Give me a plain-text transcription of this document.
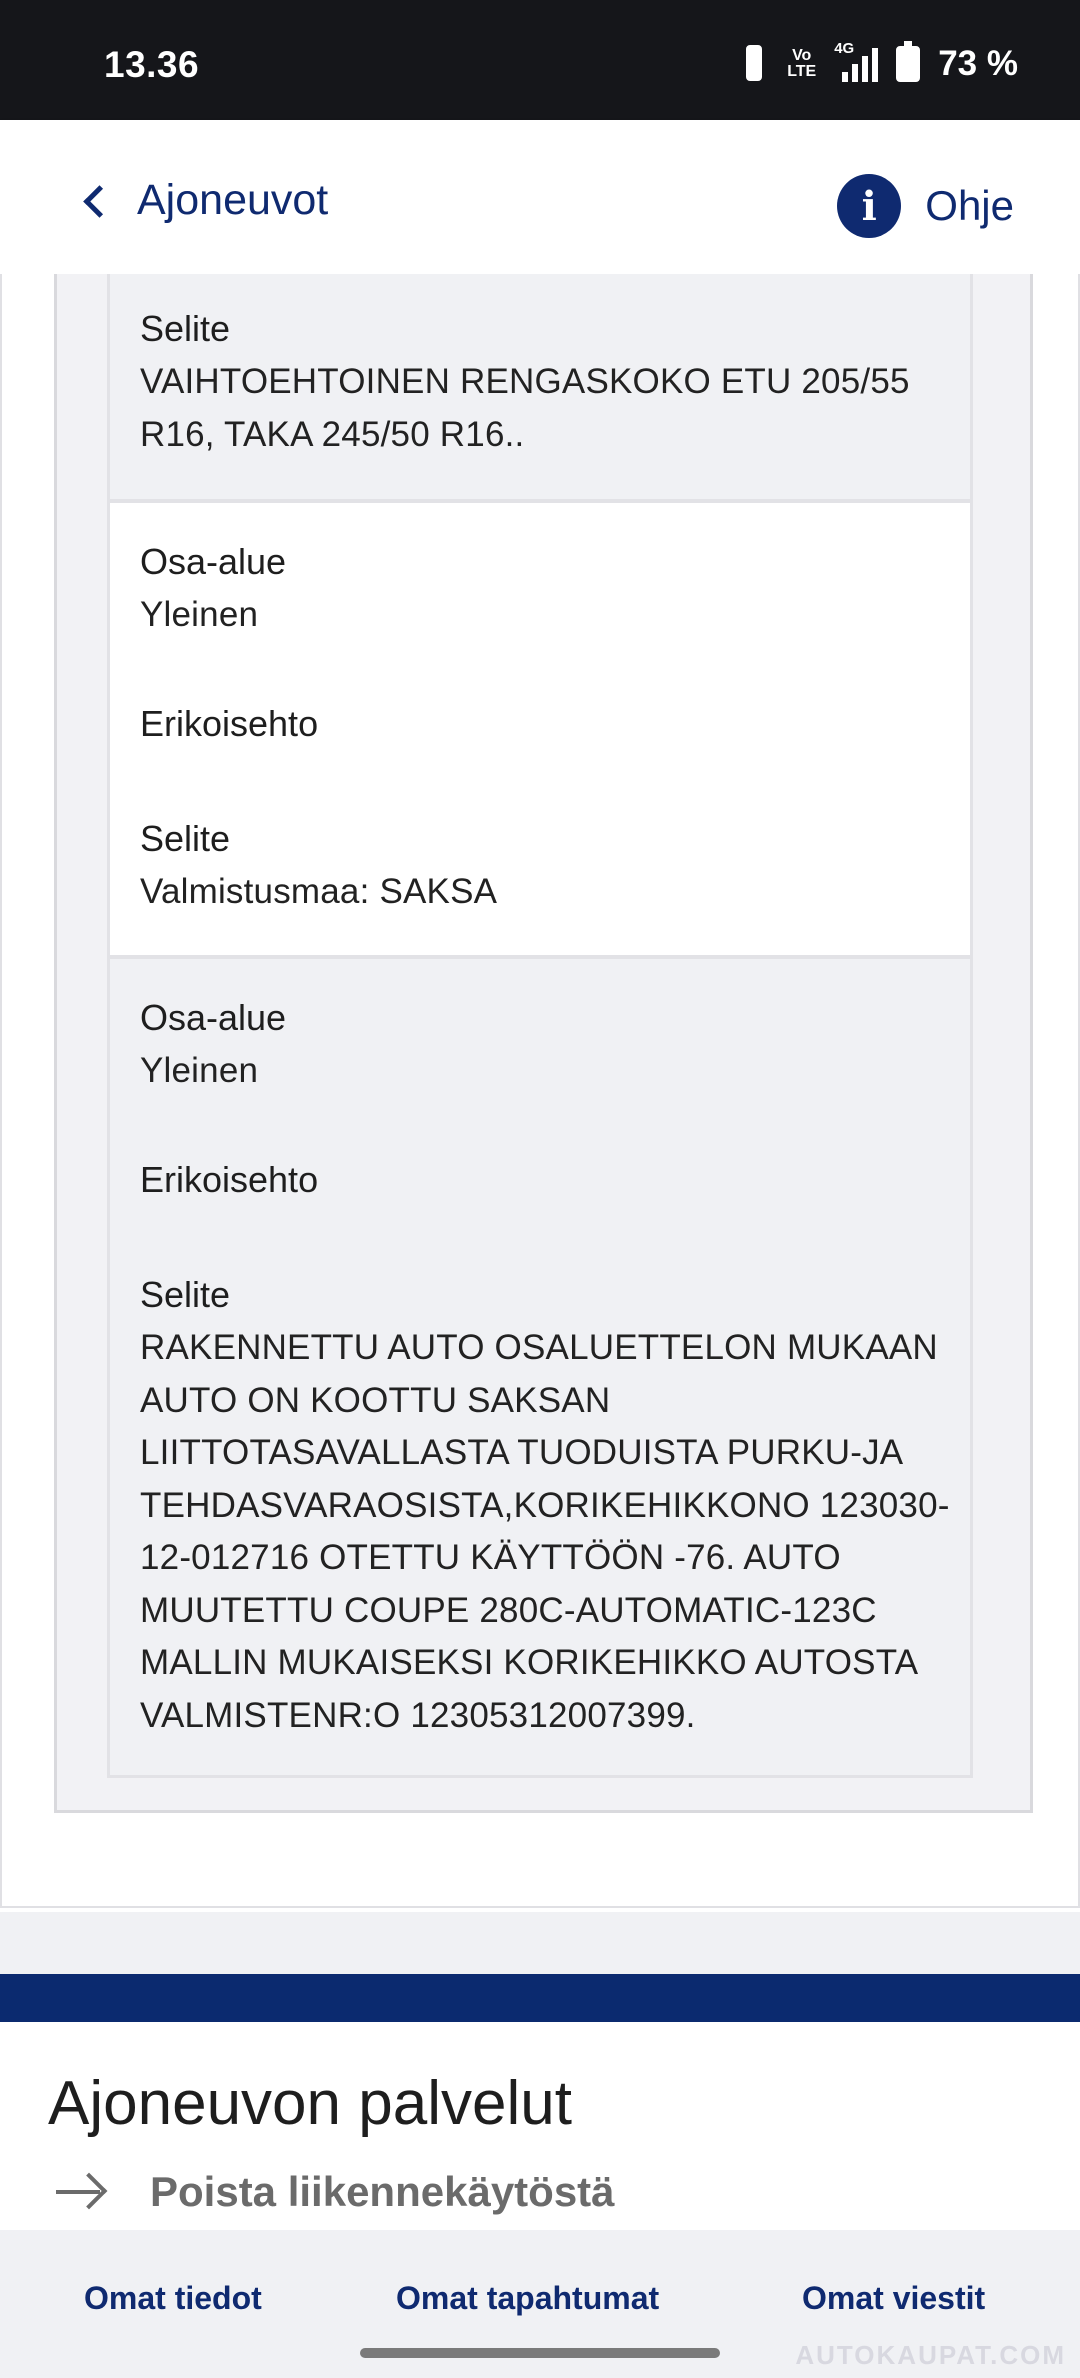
13.36	Vo
LTE
4G 73 %
Ajoneuvot	i	Ohje
Selite
VAIHTOEHTOINEN RENGASKOKO ETU 205/55 R16, TAKA 245/50 R16..
Osa-alue
Yleinen
Erikoisehto
Selite
Valmistusmaa: SAKSA
Osa-alue
Yleinen
Erikoisehto
Selite
RAKENNETTU AUTO OSALUETTELON MUKAAN AUTO ON KOOTTU SAKSAN LIITTOTASAVALLASTA TUODUISTA PURKU-JA TEHDASVARAOSISTA,KORIKEHIKKONO 123030-12-012716 OTETTU KÄYTTÖÖN -76. AUTO MUUTETTU COUPE 280C-AUTOMATIC-123C MALLIN MUKAISEKSI KORIKEHIKKO AUTOSTA VALMISTENR:O 12305312007399.
Ajoneuvon palvelut
Poista liikennekäytöstä
Omat tiedot	Omat tapahtumat	Omat viestit
AUTOKAUPAT.COM
